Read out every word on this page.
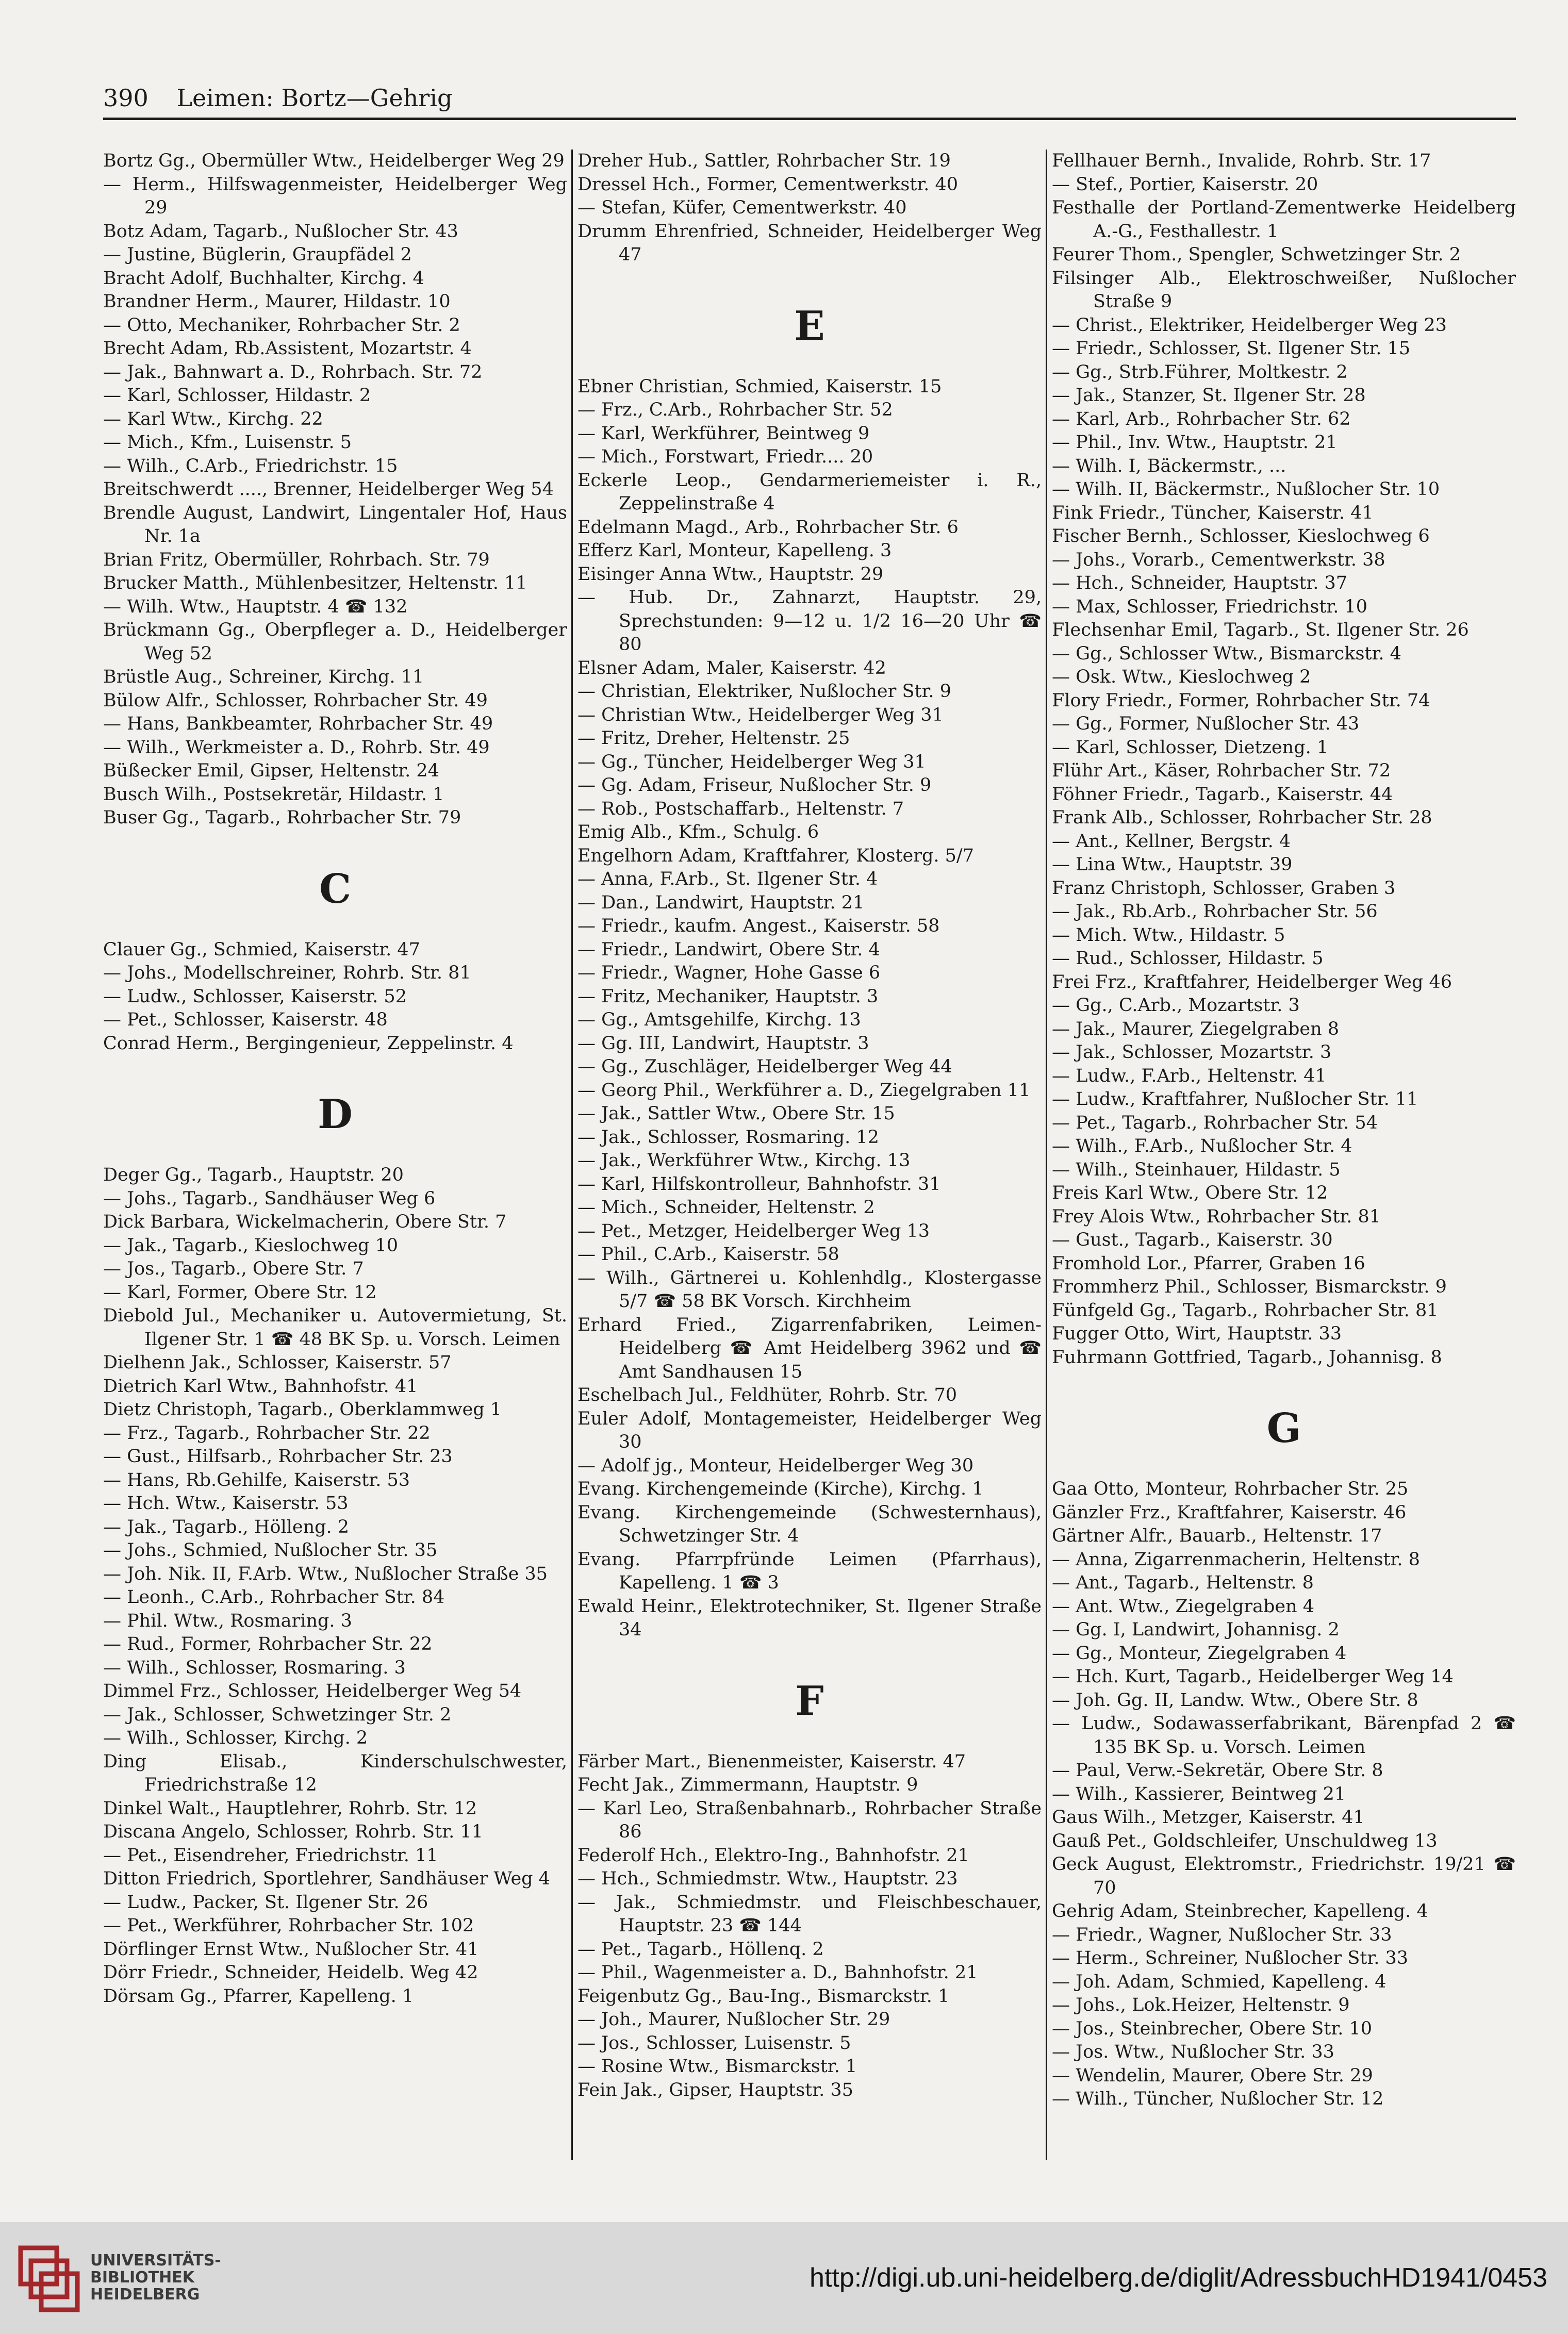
390 Leimen: Bortz—Gehrig

Bortz Gg., Obermüller Wtw., Heidelberger Weg 29

— Herm., Hilfswagenmeister, Heidelberger Weg 29

Botz Adam, Tagarb., Nußlocher Str. 43

— Justine, Büglerin, Graupfädel 2

Bracht Adolf, Buchhalter, Kirchg. 4

Brandner Herm., Maurer, Hildastr. 10

— Otto, Mechaniker, Rohrbacher Str. 2

Brecht Adam, Rb.Assistent, Mozartstr. 4

— Jak., Bahnwart a. D., Rohrbach. Str. 72

— Karl, Schlosser, Hildastr. 2

— Karl Wtw., Kirchg. 22

— Mich., Kfm., Luisenstr. 5

— Wilh., C.Arb., Friedrichstr. 15

Breitschwerdt ...., Brenner, Heidelberger Weg 54

Brendle August, Landwirt, Lingentaler Hof, Haus Nr. 1a

Brian Fritz, Obermüller, Rohrbach. Str. 79

Brucker Matth., Mühlenbesitzer, Heltenstr. 11

— Wilh. Wtw., Hauptstr. 4 ☎ 132

Brückmann Gg., Oberpfleger a. D., Heidelberger Weg 52

Brüstle Aug., Schreiner, Kirchg. 11

Bülow Alfr., Schlosser, Rohrbacher Str. 49

— Hans, Bankbeamter, Rohrbacher Str. 49

— Wilh., Werkmeister a. D., Rohrb. Str. 49

Büßecker Emil, Gipser, Heltenstr. 24

Busch Wilh., Postsekretär, Hildastr. 1

Buser Gg., Tagarb., Rohrbacher Str. 79

C

Clauer Gg., Schmied, Kaiserstr. 47

— Johs., Modellschreiner, Rohrb. Str. 81

— Ludw., Schlosser, Kaiserstr. 52

— Pet., Schlosser, Kaiserstr. 48

Conrad Herm., Bergingenieur, Zeppelinstr. 4

D

Deger Gg., Tagarb., Hauptstr. 20

— Johs., Tagarb., Sandhäuser Weg 6

Dick Barbara, Wickelmacherin, Obere Str. 7

— Jak., Tagarb., Kieslochweg 10

— Jos., Tagarb., Obere Str. 7

— Karl, Former, Obere Str. 12

Diebold Jul., Mechaniker u. Autovermietung, St. Ilgener Str. 1 ☎ 48 BK Sp. u. Vorsch. Leimen

Dielhenn Jak., Schlosser, Kaiserstr. 57

Dietrich Karl Wtw., Bahnhofstr. 41

Dietz Christoph, Tagarb., Oberklammweg 1

— Frz., Tagarb., Rohrbacher Str. 22

— Gust., Hilfsarb., Rohrbacher Str. 23

— Hans, Rb.Gehilfe, Kaiserstr. 53

— Hch. Wtw., Kaiserstr. 53

— Jak., Tagarb., Hölleng. 2

— Johs., Schmied, Nußlocher Str. 35

— Joh. Nik. II, F.Arb. Wtw., Nußlocher Straße 35

— Leonh., C.Arb., Rohrbacher Str. 84

— Phil. Wtw., Rosmaring. 3

— Rud., Former, Rohrbacher Str. 22

— Wilh., Schlosser, Rosmaring. 3

Dimmel Frz., Schlosser, Heidelberger Weg 54

— Jak., Schlosser, Schwetzinger Str. 2

— Wilh., Schlosser, Kirchg. 2

Ding Elisab., Kinderschulschwester, Friedrichstraße 12

Dinkel Walt., Hauptlehrer, Rohrb. Str. 12

Discana Angelo, Schlosser, Rohrb. Str. 11

— Pet., Eisendreher, Friedrichstr. 11

Ditton Friedrich, Sportlehrer, Sandhäuser Weg 4

— Ludw., Packer, St. Ilgener Str. 26

— Pet., Werkführer, Rohrbacher Str. 102

Dörflinger Ernst Wtw., Nußlocher Str. 41

Dörr Friedr., Schneider, Heidelb. Weg 42

Dörsam Gg., Pfarrer, Kapelleng. 1

Dreher Hub., Sattler, Rohrbacher Str. 19

Dressel Hch., Former, Cementwerkstr. 40

— Stefan, Küfer, Cementwerkstr. 40

Drumm Ehrenfried, Schneider, Heidelberger Weg 47

E

Ebner Christian, Schmied, Kaiserstr. 15

— Frz., C.Arb., Rohrbacher Str. 52

— Karl, Werkführer, Beintweg 9

— Mich., Forstwart, Friedr.... 20

Eckerle Leop., Gendarmeriemeister i. R., Zeppelinstraße 4

Edelmann Magd., Arb., Rohrbacher Str. 6

Efferz Karl, Monteur, Kapelleng. 3

Eisinger Anna Wtw., Hauptstr. 29

— Hub. Dr., Zahnarzt, Hauptstr. 29, Sprechstunden: 9—12 u. 1/2 16—20 Uhr ☎ 80

Elsner Adam, Maler, Kaiserstr. 42

— Christian, Elektriker, Nußlocher Str. 9

— Christian Wtw., Heidelberger Weg 31

— Fritz, Dreher, Heltenstr. 25

— Gg., Tüncher, Heidelberger Weg 31

— Gg. Adam, Friseur, Nußlocher Str. 9

— Rob., Postschaffarb., Heltenstr. 7

Emig Alb., Kfm., Schulg. 6

Engelhorn Adam, Kraftfahrer, Klosterg. 5/7

— Anna, F.Arb., St. Ilgener Str. 4

— Dan., Landwirt, Hauptstr. 21

— Friedr., kaufm. Angest., Kaiserstr. 58

— Friedr., Landwirt, Obere Str. 4

— Friedr., Wagner, Hohe Gasse 6

— Fritz, Mechaniker, Hauptstr. 3

— Gg., Amtsgehilfe, Kirchg. 13

— Gg. III, Landwirt, Hauptstr. 3

— Gg., Zuschläger, Heidelberger Weg 44

— Georg Phil., Werkführer a. D., Ziegelgraben 11

— Jak., Sattler Wtw., Obere Str. 15

— Jak., Schlosser, Rosmaring. 12

— Jak., Werkführer Wtw., Kirchg. 13

— Karl, Hilfskontrolleur, Bahnhofstr. 31

— Mich., Schneider, Heltenstr. 2

— Pet., Metzger, Heidelberger Weg 13

— Phil., C.Arb., Kaiserstr. 58

— Wilh., Gärtnerei u. Kohlenhdlg., Klostergasse 5/7 ☎ 58 BK Vorsch. Kirchheim

Erhard Fried., Zigarrenfabriken, Leimen-Heidelberg ☎ Amt Heidelberg 3962 und ☎ Amt Sandhausen 15

Eschelbach Jul., Feldhüter, Rohrb. Str. 70

Euler Adolf, Montagemeister, Heidelberger Weg 30

— Adolf jg., Monteur, Heidelberger Weg 30

Evang. Kirchengemeinde (Kirche), Kirchg. 1

Evang. Kirchengemeinde (Schwesternhaus), Schwetzinger Str. 4

Evang. Pfarrpfründe Leimen (Pfarrhaus), Kapelleng. 1 ☎ 3

Ewald Heinr., Elektrotechniker, St. Ilgener Straße 34

F

Färber Mart., Bienenmeister, Kaiserstr. 47

Fecht Jak., Zimmermann, Hauptstr. 9

— Karl Leo, Straßenbahnarb., Rohrbacher Straße 86

Federolf Hch., Elektro-Ing., Bahnhofstr. 21

— Hch., Schmiedmstr. Wtw., Hauptstr. 23

— Jak., Schmiedmstr. und Fleischbeschauer, Hauptstr. 23 ☎ 144

— Pet., Tagarb., Höllenq. 2

— Phil., Wagenmeister a. D., Bahnhofstr. 21

Feigenbutz Gg., Bau-Ing., Bismarckstr. 1

— Joh., Maurer, Nußlocher Str. 29

— Jos., Schlosser, Luisenstr. 5

— Rosine Wtw., Bismarckstr. 1

Fein Jak., Gipser, Hauptstr. 35

Fellhauer Bernh., Invalide, Rohrb. Str. 17

— Stef., Portier, Kaiserstr. 20

Festhalle der Portland-Zementwerke Heidelberg A.-G., Festhallestr. 1

Feurer Thom., Spengler, Schwetzinger Str. 2

Filsinger Alb., Elektroschweißer, Nußlocher Straße 9

— Christ., Elektriker, Heidelberger Weg 23

— Friedr., Schlosser, St. Ilgener Str. 15

— Gg., Strb.Führer, Moltkestr. 2

— Jak., Stanzer, St. Ilgener Str. 28

— Karl, Arb., Rohrbacher Str. 62

— Phil., Inv. Wtw., Hauptstr. 21

— Wilh. I, Bäckermstr., ...

— Wilh. II, Bäckermstr., Nußlocher Str. 10

Fink Friedr., Tüncher, Kaiserstr. 41

Fischer Bernh., Schlosser, Kieslochweg 6

— Johs., Vorarb., Cementwerkstr. 38

— Hch., Schneider, Hauptstr. 37

— Max, Schlosser, Friedrichstr. 10

Flechsenhar Emil, Tagarb., St. Ilgener Str. 26

— Gg., Schlosser Wtw., Bismarckstr. 4

— Osk. Wtw., Kieslochweg 2

Flory Friedr., Former, Rohrbacher Str. 74

— Gg., Former, Nußlocher Str. 43

— Karl, Schlosser, Dietzeng. 1

Flühr Art., Käser, Rohrbacher Str. 72

Föhner Friedr., Tagarb., Kaiserstr. 44

Frank Alb., Schlosser, Rohrbacher Str. 28

— Ant., Kellner, Bergstr. 4

— Lina Wtw., Hauptstr. 39

Franz Christoph, Schlosser, Graben 3

— Jak., Rb.Arb., Rohrbacher Str. 56

— Mich. Wtw., Hildastr. 5

— Rud., Schlosser, Hildastr. 5

Frei Frz., Kraftfahrer, Heidelberger Weg 46

— Gg., C.Arb., Mozartstr. 3

— Jak., Maurer, Ziegelgraben 8

— Jak., Schlosser, Mozartstr. 3

— Ludw., F.Arb., Heltenstr. 41

— Ludw., Kraftfahrer, Nußlocher Str. 11

— Pet., Tagarb., Rohrbacher Str. 54

— Wilh., F.Arb., Nußlocher Str. 4

— Wilh., Steinhauer, Hildastr. 5

Freis Karl Wtw., Obere Str. 12

Frey Alois Wtw., Rohrbacher Str. 81

— Gust., Tagarb., Kaiserstr. 30

Fromhold Lor., Pfarrer, Graben 16

Frommherz Phil., Schlosser, Bismarckstr. 9

Fünfgeld Gg., Tagarb., Rohrbacher Str. 81

Fugger Otto, Wirt, Hauptstr. 33

Fuhrmann Gottfried, Tagarb., Johannisg. 8

G

Gaa Otto, Monteur, Rohrbacher Str. 25

Gänzler Frz., Kraftfahrer, Kaiserstr. 46

Gärtner Alfr., Bauarb., Heltenstr. 17

— Anna, Zigarrenmacherin, Heltenstr. 8

— Ant., Tagarb., Heltenstr. 8

— Ant. Wtw., Ziegelgraben 4

— Gg. I, Landwirt, Johannisg. 2

— Gg., Monteur, Ziegelgraben 4

— Hch. Kurt, Tagarb., Heidelberger Weg 14

— Joh. Gg. II, Landw. Wtw., Obere Str. 8

— Ludw., Sodawasserfabrikant, Bärenpfad 2 ☎ 135 BK Sp. u. Vorsch. Leimen

— Paul, Verw.-Sekretär, Obere Str. 8

— Wilh., Kassierer, Beintweg 21

Gaus Wilh., Metzger, Kaiserstr. 41

Gauß Pet., Goldschleifer, Unschuldweg 13

Geck August, Elektromstr., Friedrichstr. 19/21 ☎ 70

Gehrig Adam, Steinbrecher, Kapelleng. 4

— Friedr., Wagner, Nußlocher Str. 33

— Herm., Schreiner, Nußlocher Str. 33

— Joh. Adam, Schmied, Kapelleng. 4

— Johs., Lok.Heizer, Heltenstr. 9

— Jos., Steinbrecher, Obere Str. 10

— Jos. Wtw., Nußlocher Str. 33

— Wendelin, Maurer, Obere Str. 29

— Wilh., Tüncher, Nußlocher Str. 12

UNIVERSITÄTS-
BIBLIOTHEK
HEIDELBERG
http://digi.ub.uni-heidelberg.de/diglit/AdressbuchHD1941/0453
